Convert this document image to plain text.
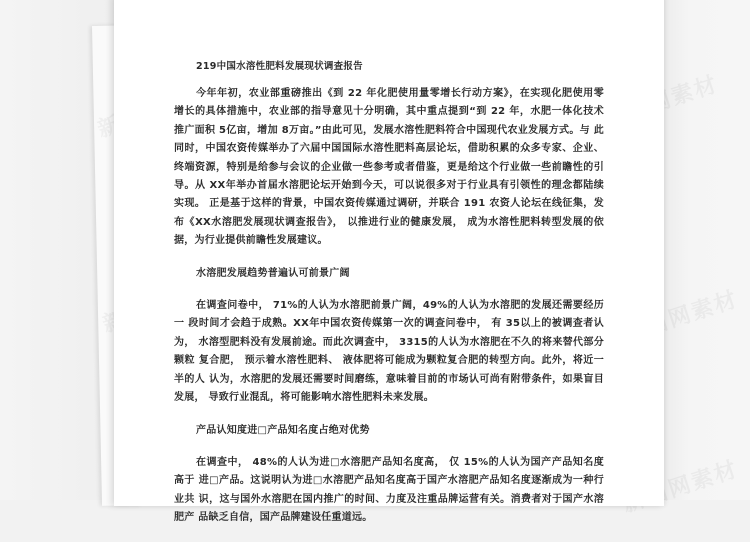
219中国水溶性肥料发展现状调查报告

今年年初，农业部重磅推出《到 22 年化肥使用量零增长行动方案》，在实现化肥使用零 增长的具体措施中，农业部的指导意见十分明确，其中重点提到“到 22 年，水肥一体化技术 推广面积 5亿亩，增加 8万亩。”由此可见，发展水溶性肥料符合中国现代农业发展方式。与 此同时，中国农资传媒举办了六届中国国际水溶性肥料高层论坛，借助积累的众多专家、企业、 终端资源，特别是给参与会议的企业做一些参考或者借鉴，更是给这个行业做一些前瞻性的引 导。从 XX年举办首届水溶肥论坛开始到今天，可以说很多对于行业具有引领性的理念都陆续 实现。 正是基于这样的背景，中国农资传媒通过调研，并联合 191 农资人论坛在线征集，发 布《XX水溶肥发展现状调查报告》， 以推进行业的健康发展， 成为水溶性肥料转型发展的依 据，为行业提供前瞻性发展建议。

水溶肥发展趋势普遍认可前景广阔

在调查问卷中， 71%的人认为水溶肥前景广阔，49%的人认为水溶肥的发展还需要经历一 段时间才会趋于成熟。XX年中国农资传媒第一次的调查问卷中， 有 35以上的被调查者认为， 水溶型肥料没有发展前途。而此次调查中， 3315的人认为水溶肥在不久的将来替代部分颗粒 复合肥， 预示着水溶性肥料、 液体肥将可能成为颗粒复合肥的转型方向。此外，将近一半的人 认为，水溶肥的发展还需要时间磨练，意味着目前的市场认可尚有附带条件，如果盲目发展， 导致行业混乱，将可能影响水溶性肥料未来发展。

产品认知度进□产品知名度占绝对优势

在调查中， 48%的人认为进□水溶肥产品知名度高， 仅 15%的人认为国产产品知名度高于 进□产品。这说明认为进□水溶肥产品知名度高于国产水溶肥产品知名度逐渐成为一种行业共 识，这与国外水溶肥在国内推广的时间、力度及注重品牌运营有关。消费者对于国产水溶肥产 品缺乏自信，国产品牌建设任重道远。
